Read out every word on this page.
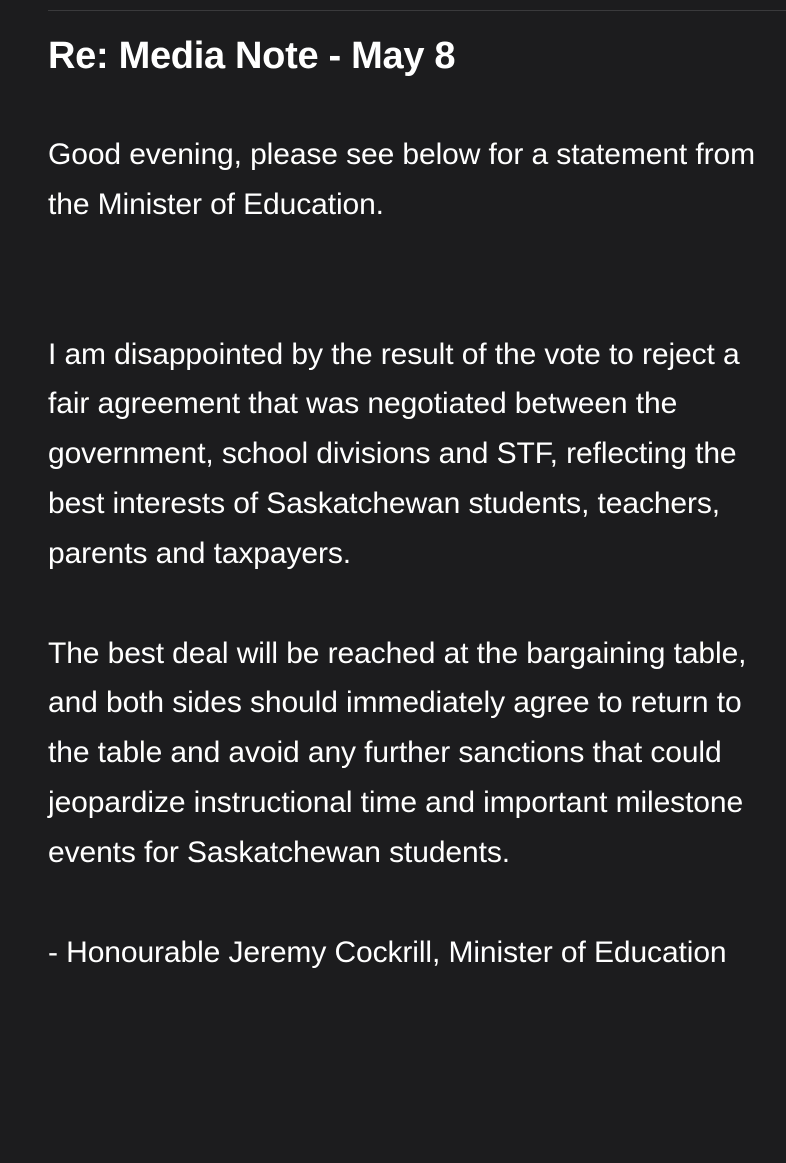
Re: Media Note - May 8

Good evening, please see below for a statement from the Minister of Education.

I am disappointed by the result of the vote to reject a fair agreement that was negotiated between the government, school divisions and STF, reflecting the best interests of Saskatchewan students, teachers, parents and taxpayers.

The best deal will be reached at the bargaining table, and both sides should immediately agree to return to the table and avoid any further sanctions that could jeopardize instructional time and important milestone events for Saskatchewan students.

- Honourable Jeremy Cockrill, Minister of Education
